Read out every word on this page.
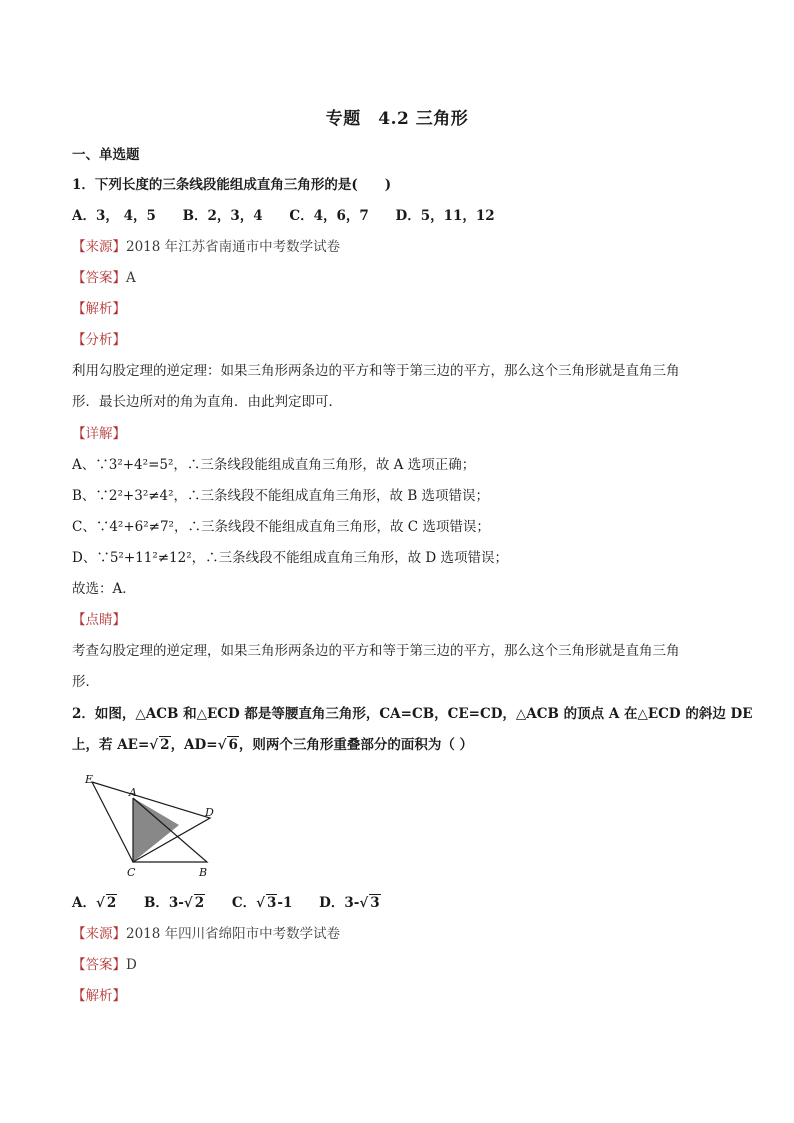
专题　4.2 三角形
一、单选题
1．下列长度的三条线段能组成直角三角形的是(　　)
A．3， 4，5 B．2，3，4 C．4，6，7 D．5，11，12
【来源】2018 年江苏省南通市中考数学试卷
【答案】A
【解析】
【分析】
利用勾股定理的逆定理：如果三角形两条边的平方和等于第三边的平方，那么这个三角形就是直角三角
形．最长边所对的角为直角．由此判定即可．
【详解】
A、∵3²+4²=5²，∴三条线段能组成直角三角形，故 A 选项正确；
B、∵2²+3²≠4²，∴三条线段不能组成直角三角形，故 B 选项错误；
C、∵4²+6²≠7²，∴三条线段不能组成直角三角形，故 C 选项错误；
D、∵5²+11²≠12²，∴三条线段不能组成直角三角形，故 D 选项错误；
故选：A．
【点睛】
考查勾股定理的逆定理，如果三角形两条边的平方和等于第三边的平方，那么这个三角形就是直角三角
形．
2．如图，△ACB 和△ECD 都是等腰直角三角形，CA=CB，CE=CD，△ACB 的顶点 A 在△ECD 的斜边 DE
上，若 AE=√ 2，AD=√ 6，则两个三角形重叠部分的面积为（ ）
E
A
D
C	B
A．√ 2 B．3-√ 2 C．√ 3-1 D．3-√ 3
【来源】2018 年四川省绵阳市中考数学试卷
【答案】D
【解析】
